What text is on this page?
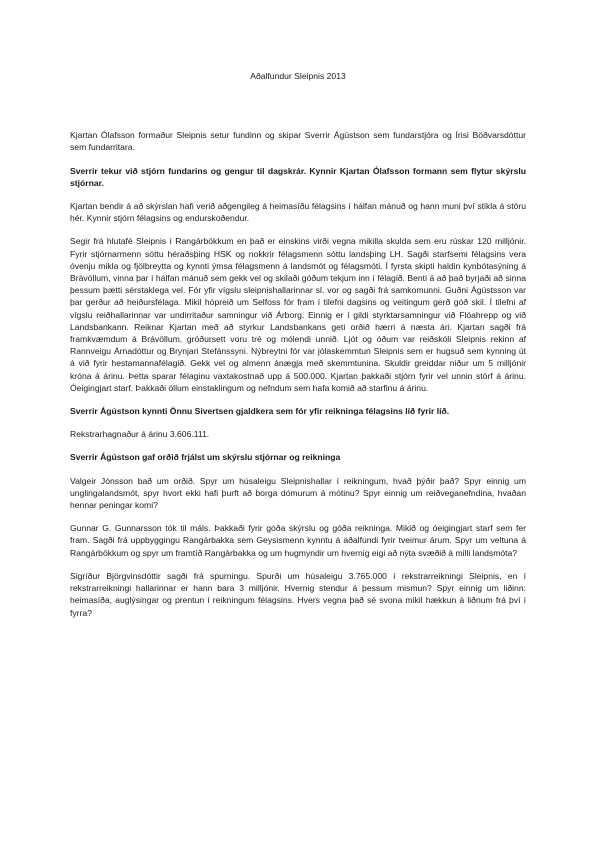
Aðalfundur Sleipnis 2013

Kjartan Ólafsson formaður Sleipnis setur fundinn og skipar Sverrir Ágústson sem fundarstjóra og Írisi Böðvarsdóttur sem fundarritara.

Sverrir tekur við stjórn fundarins og gengur til dagskrár. Kynnir Kjartan Ólafsson formann sem flytur skýrslu stjórnar.

Kjartan bendir á að skýrslan hafi verið aðgengileg á heimasíðu félagsins í hálfan mánuð og hann muni því stikla á stóru hér. Kynnir stjórn félagsins og endurskoðendur.

Segir frá hlutafé Sleipnis í Rangárbökkum en það er einskins virði vegna mikilla skulda sem eru rúskar 120 milljónir. Fyrir stjórnarmenn sóttu héraðsþing HSK og nokkrir félagsmenn sóttu landsþing LH. Sagði starfsemi félagsins vera óvenju mikla og fjölbreytta og kynnti ýmsa félagsmenn á landsmót og félagsmóti. Í fyrsta skipti haldin kynbótasýning á Brávöllum, vinna þar í hálfan mánuð sem gekk vel og skilaði góðum tekjum inn í félagið. Benti á að það byrjaði að sinna þessum þætti sérstaklega vel. Fór yfir vígslu sleipnishallarinnar sl. vor og sagði frá samkomunni. Guðni Ágústsson var þar gerður að heiðursfélaga. Mikil hópreið um Selfoss fór fram í tilefni dagsins og veitingum gerð góð skil. Í tilefni af vígslu reiðhallarinnar var undirritaður samningur við Árborg. Einnig er í gildi styrktarsamningur við Flóahrepp og við Landsbankann. Reiknar Kjartan með að styrkur Landsbankans geti orðið hærri á næsta ári. Kjartan sagði frá framkvæmdum á Brávöllum, gróðursett voru tré og mólendi unnið. Ljót og óðum var reiðskóli Sleipnis rekinn af Rannveigu Árnadóttur og Brynjari Stefánssyni. Nýbreytni fór var jólaskemmtun Sleipnis sem er hugsuð sem kynning út á við fyrir hestamannafélagið. Gekk vel og almenn ánægja með skemmtunina. Skuldir greiddar niður um 5 milljónir króna á árinu. Þetta sparar félaginu vaxtakostnað upp á 500.000. Kjartan þakkaði stjórn fyrir vel unnin störf á árinu. Óeigingjart starf. Þakkaði öllum einstaklingum og nefndum sem hafa komið að starfinu á árinu.

Sverrir Ágústson kynnti Önnu Sivertsen gjaldkera sem fór yfir reikninga félagsins líð fyrir líð.

Rekstrarhagnaður á árinu 3.606.111.

Sverrir Ágústson gaf orðið frjálst um skýrslu stjórnar og reikninga

Valgeir Jónsson bað um orðið. Spyr um húsaleigu Sleipnishallar í reikningum, hvað þýðir það? Spyr einnig um unglingalandsmót, spyr hvort ekki hafi þurft að borga dómurum á mótinu? Spyr einnig um reiðveganefndina, hvaðan hennar peningar komi?

Gunnar G. Gunnarsson tók til máls. Þakkaði fyrir góða skýrslu og góða reikninga. Mikið og óeigingjart starf sem fer fram. Sagði frá uppbyggingu Rangárbakka sem Geysismenn kynntu á aðalfundi fyrir tveimur árum. Spyr um veltuna á Rangárbökkum og spyr um framtíð Rangárbakka og um hugmyndir um hvernig eigi að nýta svæðið á milli landsmóta?

Sigríður Björgvinsdóttir sagði frá spurningu. Spurði um húsaleigu 3.765.000 í rekstrarreikningi Sleipnis, en í rekstrarreikningi hallarinnar er hann bara 3 milljónir. Hvernig stendur á þessum mismun? Spyr einnig um liðinn: heimasíða, auglýsingar og prentun í reikningum félagsins. Hvers vegna það sé svona mikil hækkun á liðnum frá því í fyrra?
